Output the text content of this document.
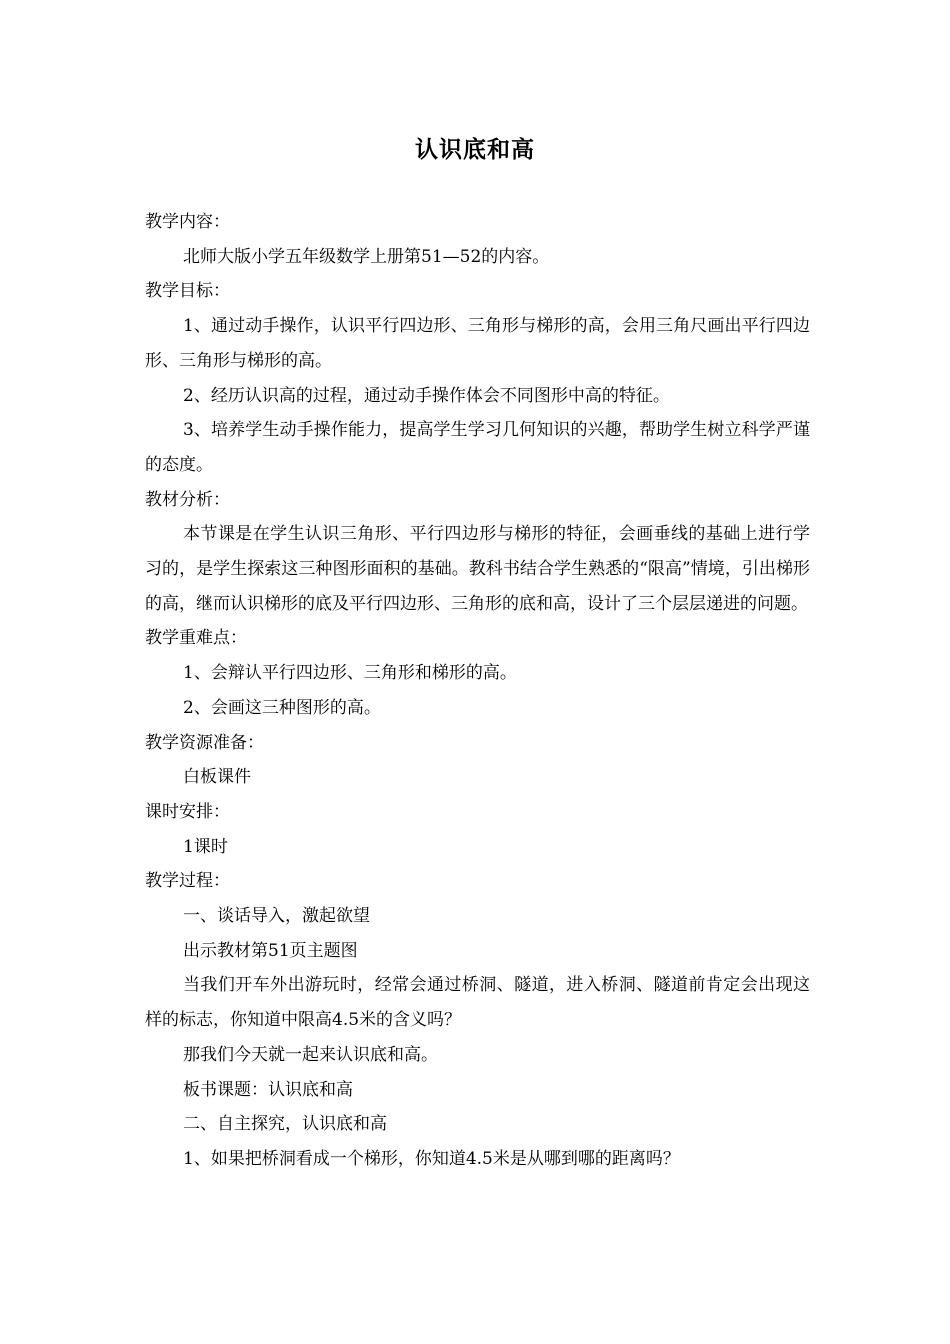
认识底和高

教学内容：

北师大版小学五年级数学上册第51—52的内容。

教学目标：

1、通过动手操作，认识平行四边形、三角形与梯形的高，会用三角尺画出平行四边形、三角形与梯形的高。

2、经历认识高的过程，通过动手操作体会不同图形中高的特征。

3、培养学生动手操作能力，提高学生学习几何知识的兴趣，帮助学生树立科学严谨的态度。

教材分析：

本节课是在学生认识三角形、平行四边形与梯形的特征，会画垂线的基础上进行学习的，是学生探索这三种图形面积的基础。教科书结合学生熟悉的“限高”情境，引出梯形的高，继而认识梯形的底及平行四边形、三角形的底和高，设计了三个层层递进的问题。

教学重难点：

1、会辩认平行四边形、三角形和梯形的高。

2、会画这三种图形的高。

教学资源准备：

白板课件

课时安排：

1课时

教学过程：

一、谈话导入，激起欲望

出示教材第51页主题图

当我们开车外出游玩时，经常会通过桥洞、隧道，进入桥洞、隧道前肯定会出现这样的标志，你知道中限高4.5米的含义吗？

那我们今天就一起来认识底和高。

板书课题：认识底和高

二、自主探究，认识底和高

1、如果把桥洞看成一个梯形，你知道4.5米是从哪到哪的距离吗？
